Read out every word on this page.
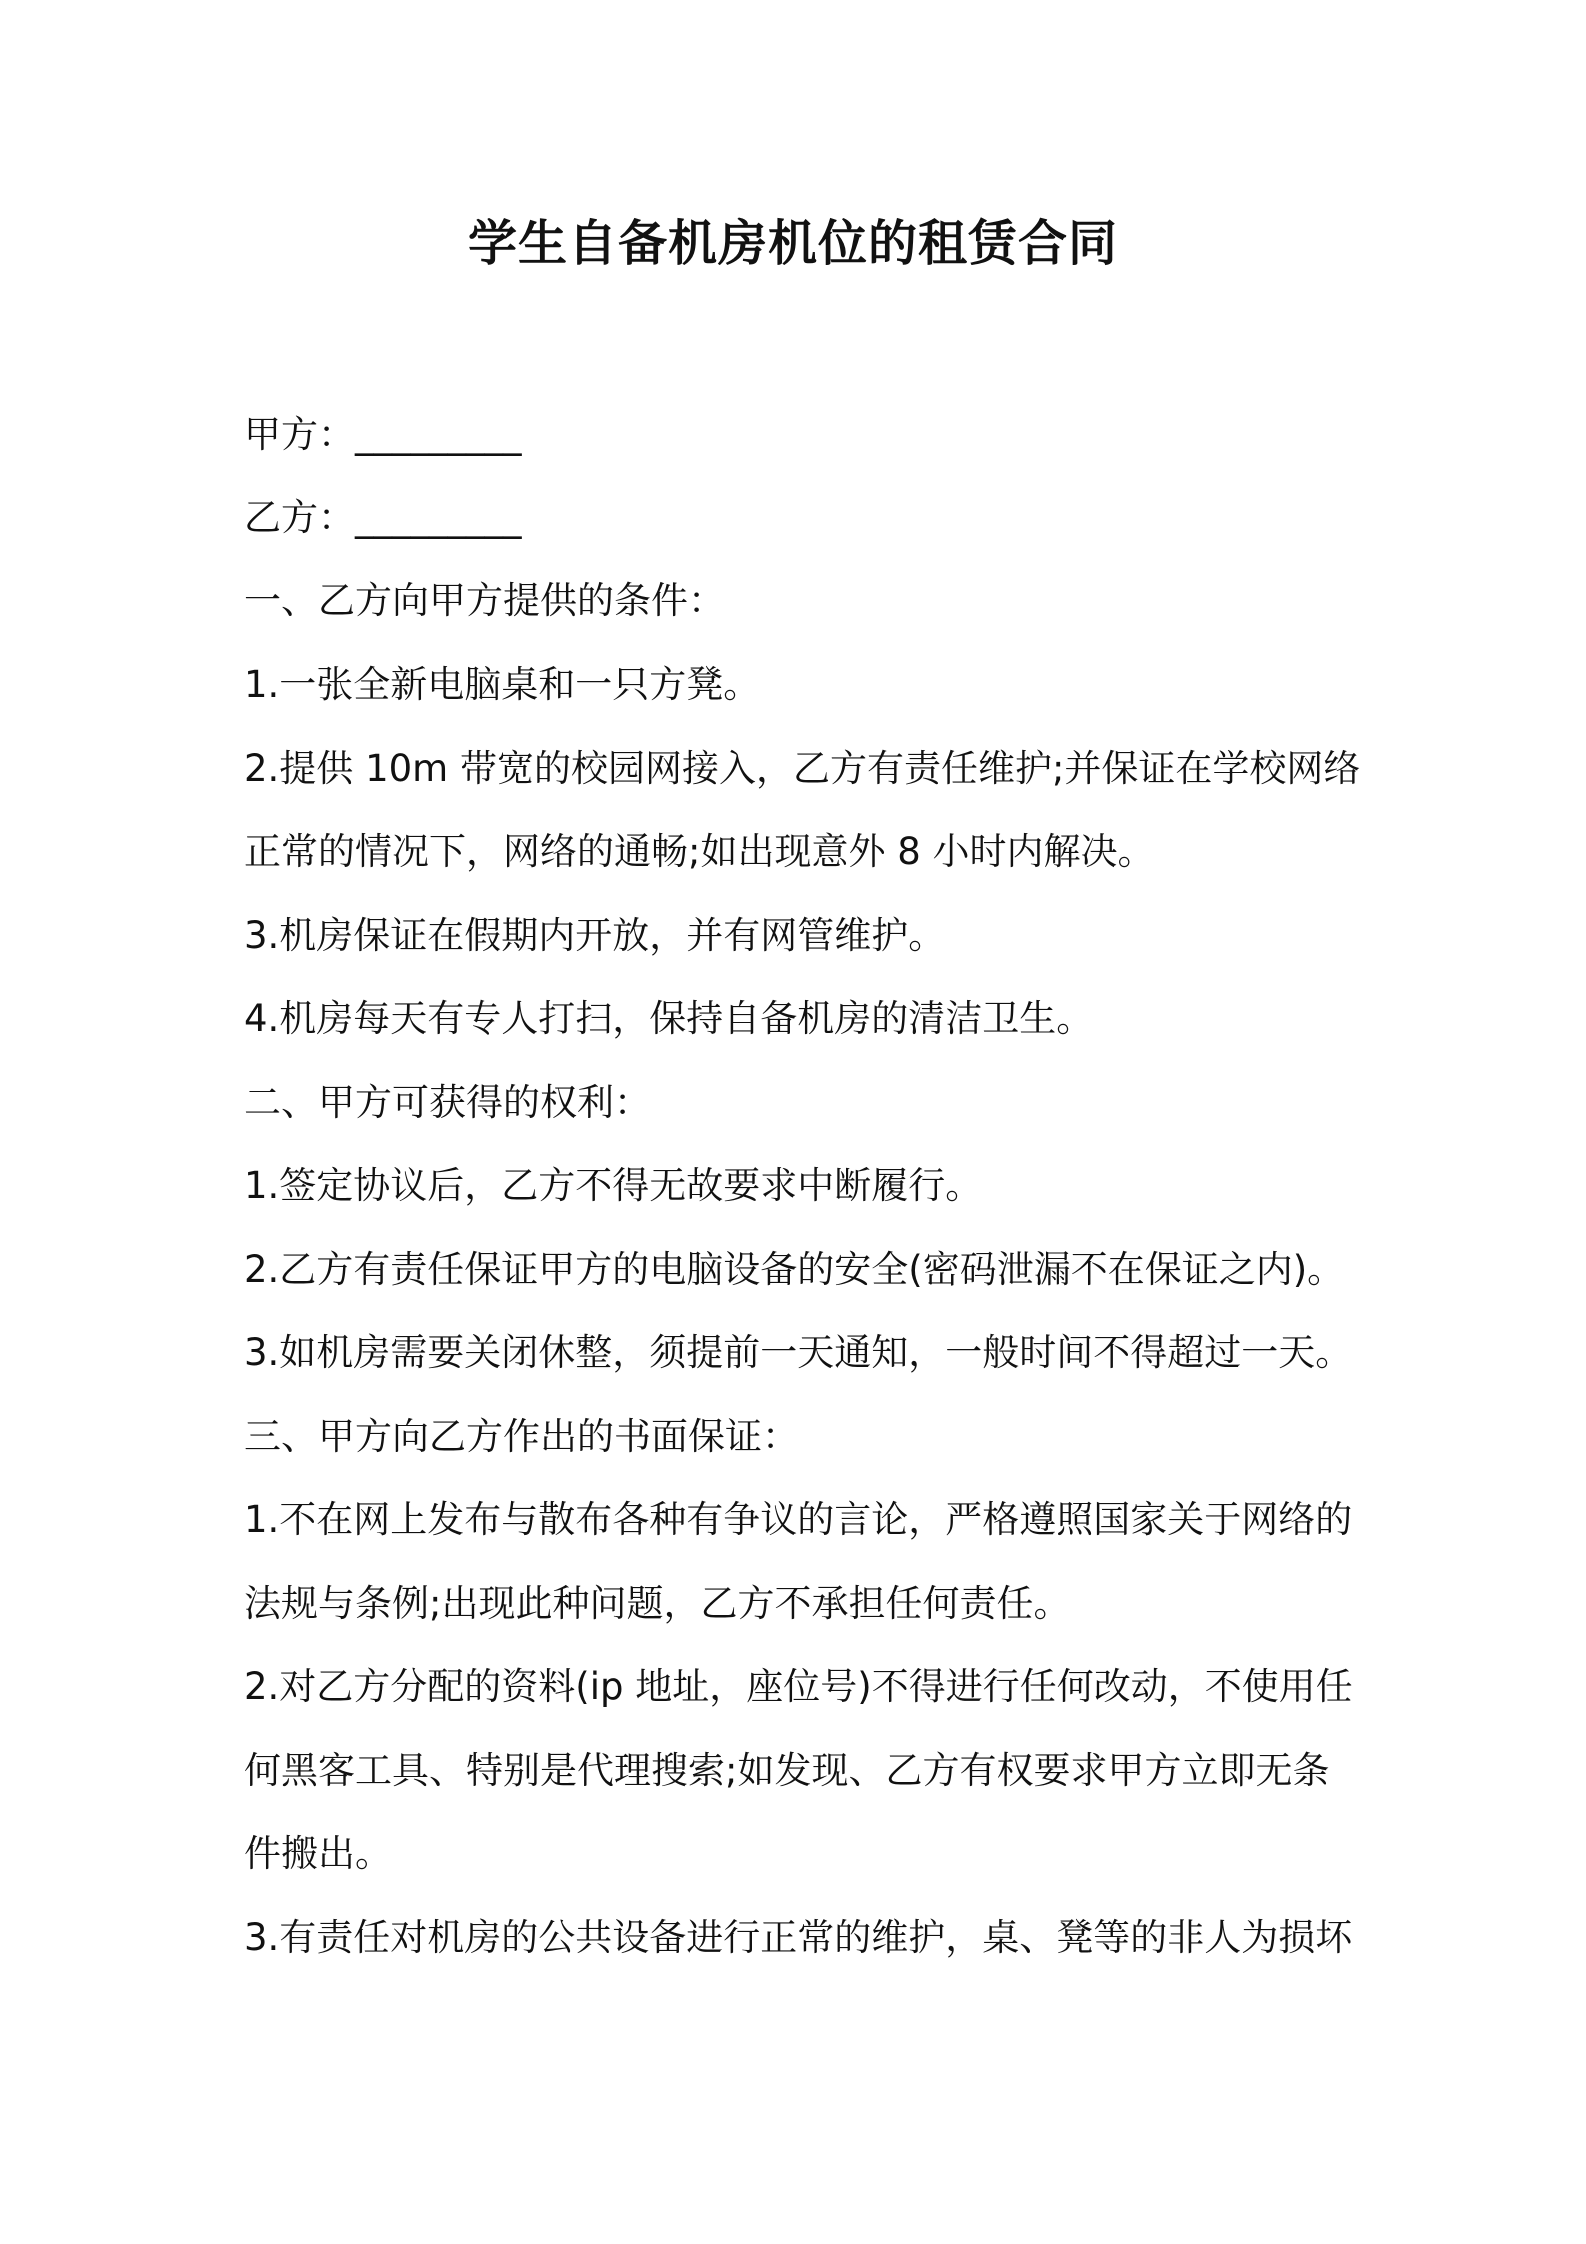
学生自备机房机位的租赁合同
甲方：_________
乙方：_________
一、乙方向甲方提供的条件：
1.一张全新电脑桌和一只方凳。
2.提供 10m 带宽的校园网接入，乙方有责任维护;并保证在学校网络
正常的情况下，网络的通畅;如出现意外 8 小时内解决。
3.机房保证在假期内开放，并有网管维护。
4.机房每天有专人打扫，保持自备机房的清洁卫生。
二、甲方可获得的权利：
1.签定协议后，乙方不得无故要求中断履行。
2.乙方有责任保证甲方的电脑设备的安全(密码泄漏不在保证之内)。
3.如机房需要关闭休整，须提前一天通知，一般时间不得超过一天。
三、甲方向乙方作出的书面保证：
1.不在网上发布与散布各种有争议的言论，严格遵照国家关于网络的
法规与条例;出现此种问题，乙方不承担任何责任。
2.对乙方分配的资料(ip 地址，座位号)不得进行任何改动，不使用任
何黑客工具、特别是代理搜索;如发现、乙方有权要求甲方立即无条
件搬出。
3.有责任对机房的公共设备进行正常的维护，桌、凳等的非人为损坏
